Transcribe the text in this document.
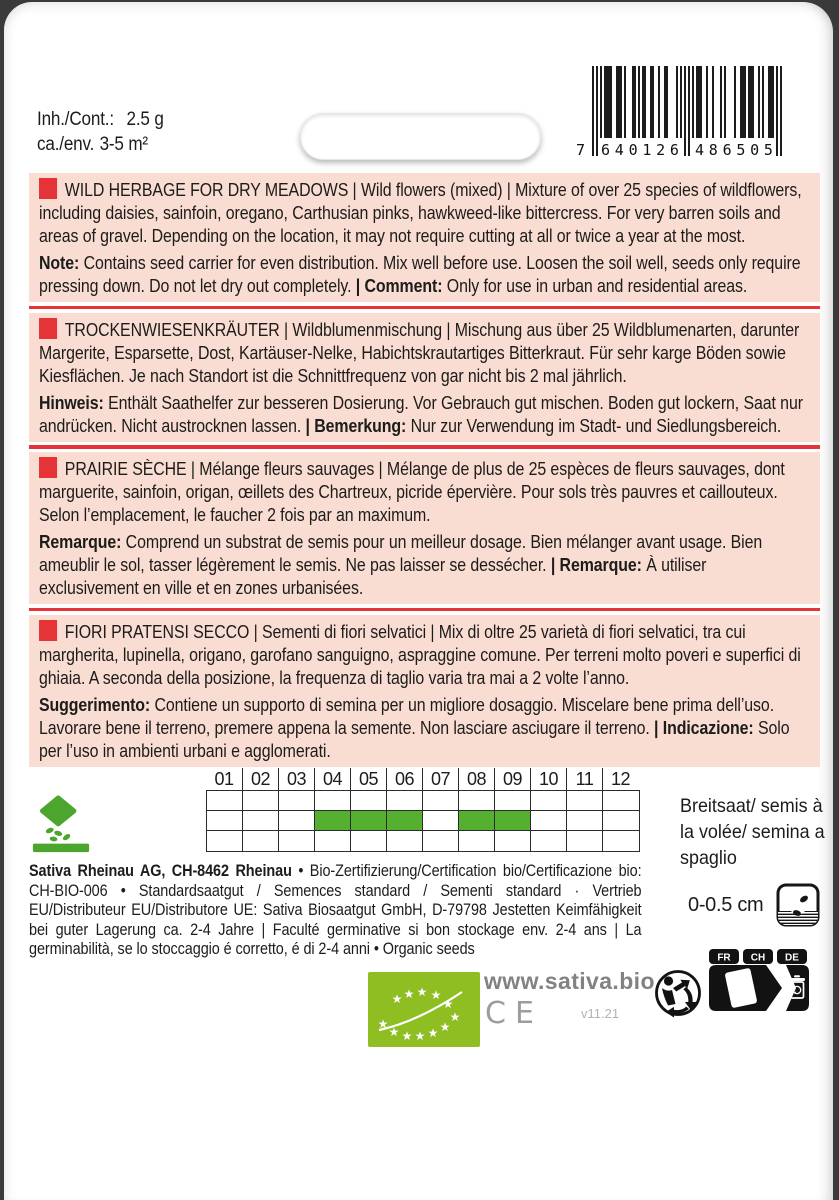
Inh./Cont.: 2.5 g
ca./env. 3-5 m²	7 6 4 0 1 2 6 4 8 6 5 0 5

WILD HERBAGE FOR DRY MEADOWS | Wild flowers (mixed) | Mixture of over 25 species of wildflowers, including daisies, sainfoin, oregano, Carthusian pinks, hawkweed-like bittercress. For very barren soils and areas of gravel. Depending on the location, it may not require cutting at all or twice a year at the most.

Note: Contains seed carrier for even distribution. Mix well before use. Loosen the soil well, seeds only require pressing down. Do not let dry out completely. | Comment: Only for use in urban and residential areas.

TROCKENWIESENKRÄUTER | Wildblumenmischung | Mischung aus über 25 Wildblumenarten, darunter Margerite, Esparsette, Dost, Kartäuser-Nelke, Habichtskrautartiges Bitterkraut. Für sehr karge Böden sowie Kiesflächen. Je nach Standort ist die Schnittfrequenz von gar nicht bis 2 mal jährlich.

Hinweis: Enthält Saathelfer zur besseren Dosierung. Vor Gebrauch gut mischen. Boden gut lockern, Saat nur andrücken. Nicht austrocknen lassen. | Bemerkung: Nur zur Verwendung im Stadt- und Siedlungsbereich.

PRAIRIE SÈCHE | Mélange fleurs sauvages | Mélange de plus de 25 espèces de fleurs sauvages, dont marguerite, sainfoin, origan, œillets des Chartreux, picride épervière. Pour sols très pauvres et caillouteux. Selon l’emplacement, le faucher 2 fois par an maximum.

Remarque: Comprend un substrat de semis pour un meilleur dosage. Bien mélanger avant usage. Bien ameublir le sol, tasser légèrement le semis. Ne pas laisser se dessécher. | Remarque: À utiliser exclusivement en ville et en zones urbanisées.

FIORI PRATENSI SECCO | Sementi di fiori selvatici | Mix di oltre 25 varietà di fiori selvatici, tra cui margherita, lupinella, origano, garofano sanguigno, aspraggine comune. Per terreni molto poveri e superfici di ghiaia. A seconda della posizione, la frequenza di taglio varia tra mai a 2 volte l’anno.

Suggerimento: Contiene un supporto di semina per un migliore dosaggio. Miscelare bene prima dell’uso. Lavorare bene il terreno, premere appena la semente. Non lasciare asciugare il terreno. | Indicazione: Solo per l’uso in ambienti urbani e agglomerati.

01 02 03 04 05 06 07 08 09 10 11 12
Breitsaat/ semis à la volée/ semina a spaglio
0-0.5 cm
Sativa Rheinau AG, CH-8462 Rheinau • Bio-Zertifizierung/Certification bio/Certificazione bio: CH-BIO-006 • Standardsaatgut / Semences standard / Sementi standard · Vertrieb EU/Distributeur EU/Distributore UE: Sativa Biosaatgut GmbH, D-79798 Jestetten Keimfähigkeit bei guter Lagerung ca. 2-4 Jahre | Faculté germinative si bon stockage env. 2-4 ans | La germinabilità, se lo stoccaggio é corretto, é di 2-4 anni • Organic seeds
★
★ ★ ★ ★ ★
★
★
★
★
★
★
www.sativa.bio
CE	v11.21
FR CH DE
